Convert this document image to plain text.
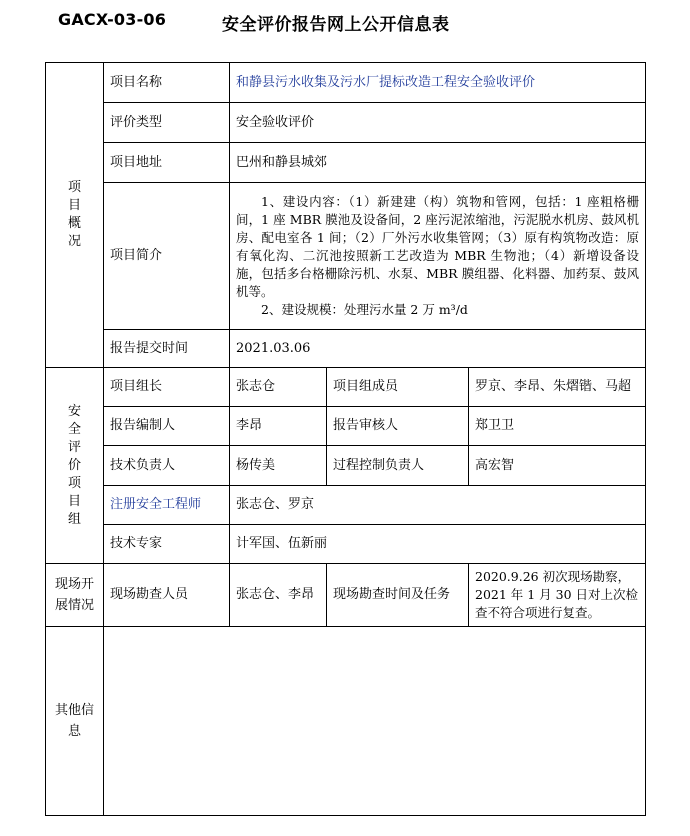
GACX-03-06	安全评价报告网上公开信息表
项目概况	项目名称	和静县污水收集及污水厂提标改造工程安全验收评价		
	评价类型	安全验收评价		
	项目地址	巴州和静县城郊		
	项目简介	1、建设内容：（1）新建建（构）筑物和管网，包括：1 座粗格栅间，1 座 MBR 膜池及设备间，2 座污泥浓缩池，污泥脱水机房、鼓风机房、配电室各 1 间；（2）厂外污水收集管网；（3）原有构筑物改造：原有氧化沟、二沉池按照新工艺改造为 MBR 生物池；（4）新增设备设施，包括多台格栅除污机、水泵、MBR 膜组器、化料器、加药泵、鼓风机等。

2、建设规模：处理污水量 2 万 m³/d		

	报告提交时间	2021.03.06		
安全评价项目组	项目组长	张志仓	项目组成员	罗京、李昂、朱熠锴、马超
	报告编制人	李昂	报告审核人	郑卫卫
	技术负责人	杨传美	过程控制负责人	高宏智
	注册安全工程师	张志仓、罗京		
	技术专家	计军国、伍新丽		

现场开展情况	现场勘查人员	张志仓、李昂	现场勘查时间及任务	2020.9.26 初次现场勘察，2021 年 1 月 30 日对上次检查不符合项进行复查。

其他信息				
